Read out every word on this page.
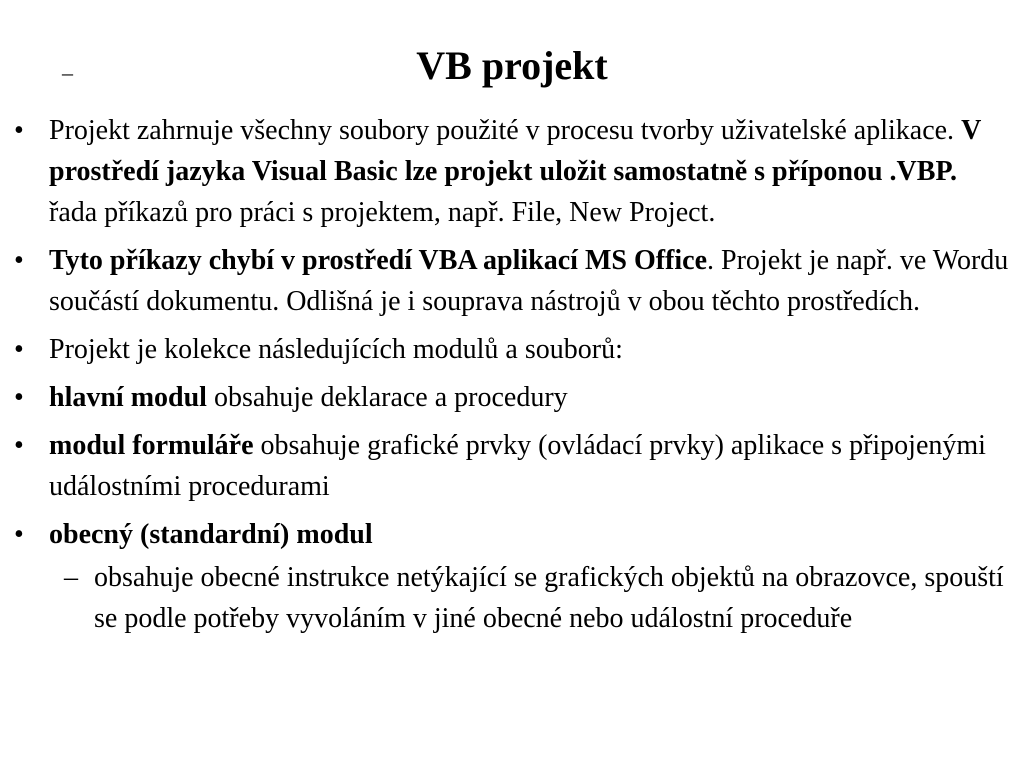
–	VB projekt
• Projekt zahrnuje všechny soubory použité v procesu tvorby uživatelské aplikace. V prostředí jazyka Visual Basic lze projekt uložit samostatně s příponou .VBP. řada příkazů pro práci s projektem, např. File, New Project.
• Tyto příkazy chybí v prostředí VBA aplikací MS Office. Projekt je např. ve Wordu součástí dokumentu. Odlišná je i souprava nástrojů v obou těchto prostředích.
• Projekt je kolekce následujících modulů a souborů:
• hlavní modul obsahuje deklarace a procedury
• modul formuláře obsahuje grafické prvky (ovládací prvky) aplikace s připojenými událostními procedurami
• obecný (standardní) modul
– obsahuje obecné instrukce netýkající se grafických objektů na obrazovce, spouští se podle potřeby vyvoláním v jiné obecné nebo událostní proceduře
